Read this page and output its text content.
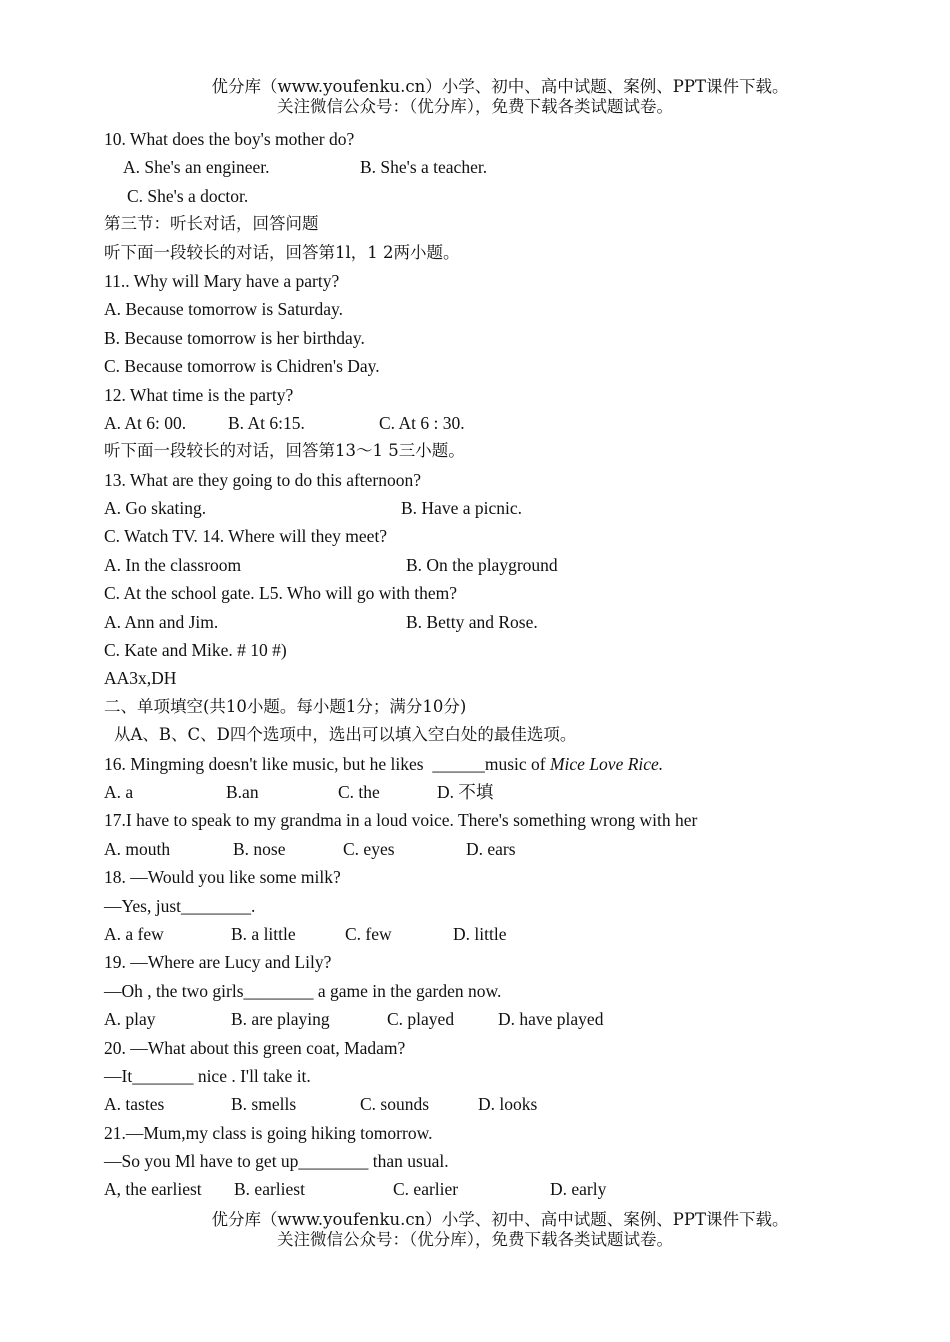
优分库（www.youfenku.cn）小学、初中、高中试题、案例、PPT课件下载。
关注微信公众号：（优分库），免费下载各类试题试卷。
10. What does the boy's mother do?
A. She's an engineer.	B. She's a teacher.
C. She's a doctor.
第三节：听长对话，回答问题
听下面一段较长的对话，回答第1l，1 2两小题。
11.. Why will Mary have a party?
A. Because tomorrow is Saturday.
B. Because tomorrow is her birthday.
C. Because tomorrow is Chidren's Day.
12. What time is the party?
A. At 6: 00. B. At 6:15.	C. At 6 : 30.
听下面一段较长的对话，回答第13～1 5三小题。
13. What are they going to do this afternoon?
A. Go skating.	B. Have a picnic.
C. Watch TV. 14. Where will they meet?
A. In the classroom	B. On the playground
C. At the school gate. L5. Who will go with them?
A. Ann and Jim.	B. Betty and Rose.
C. Kate and Mike. # 10 #)
AA3x,DH
二、单项填空(共10小题。每小题1分；满分10分)
从A、B、C、D四个选项中，选出可以填入空白处的最佳选项。
16. Mingming doesn't like music, but he likes  ______music of Mice Love Rice.
A. a	B.an	C. the	D. 不填
17.I have to speak to my grandma in a loud voice. There's something wrong with her
A. mouth	B. nose	C. eyes	D. ears
18. —Would you like some milk?
—Yes, just________.
A. a few	B. a little	C. few	D. little
19. —Where are Lucy and Lily?
—Oh , the two girls________ a game in the garden now.
A. play	B. are playing	C. played	D. have played
20. —What about this green coat, Madam?
—It_______ nice . I'll take it.
A. tastes	B. smells	C. sounds	D. looks
21.—Mum,my class is going hiking tomorrow.
—So you Ml have to get up________ than usual.
A, the earliest B. earliest	C. earlier	D. early
优分库（www.youfenku.cn）小学、初中、高中试题、案例、PPT课件下载。
关注微信公众号：（优分库），免费下载各类试题试卷。
